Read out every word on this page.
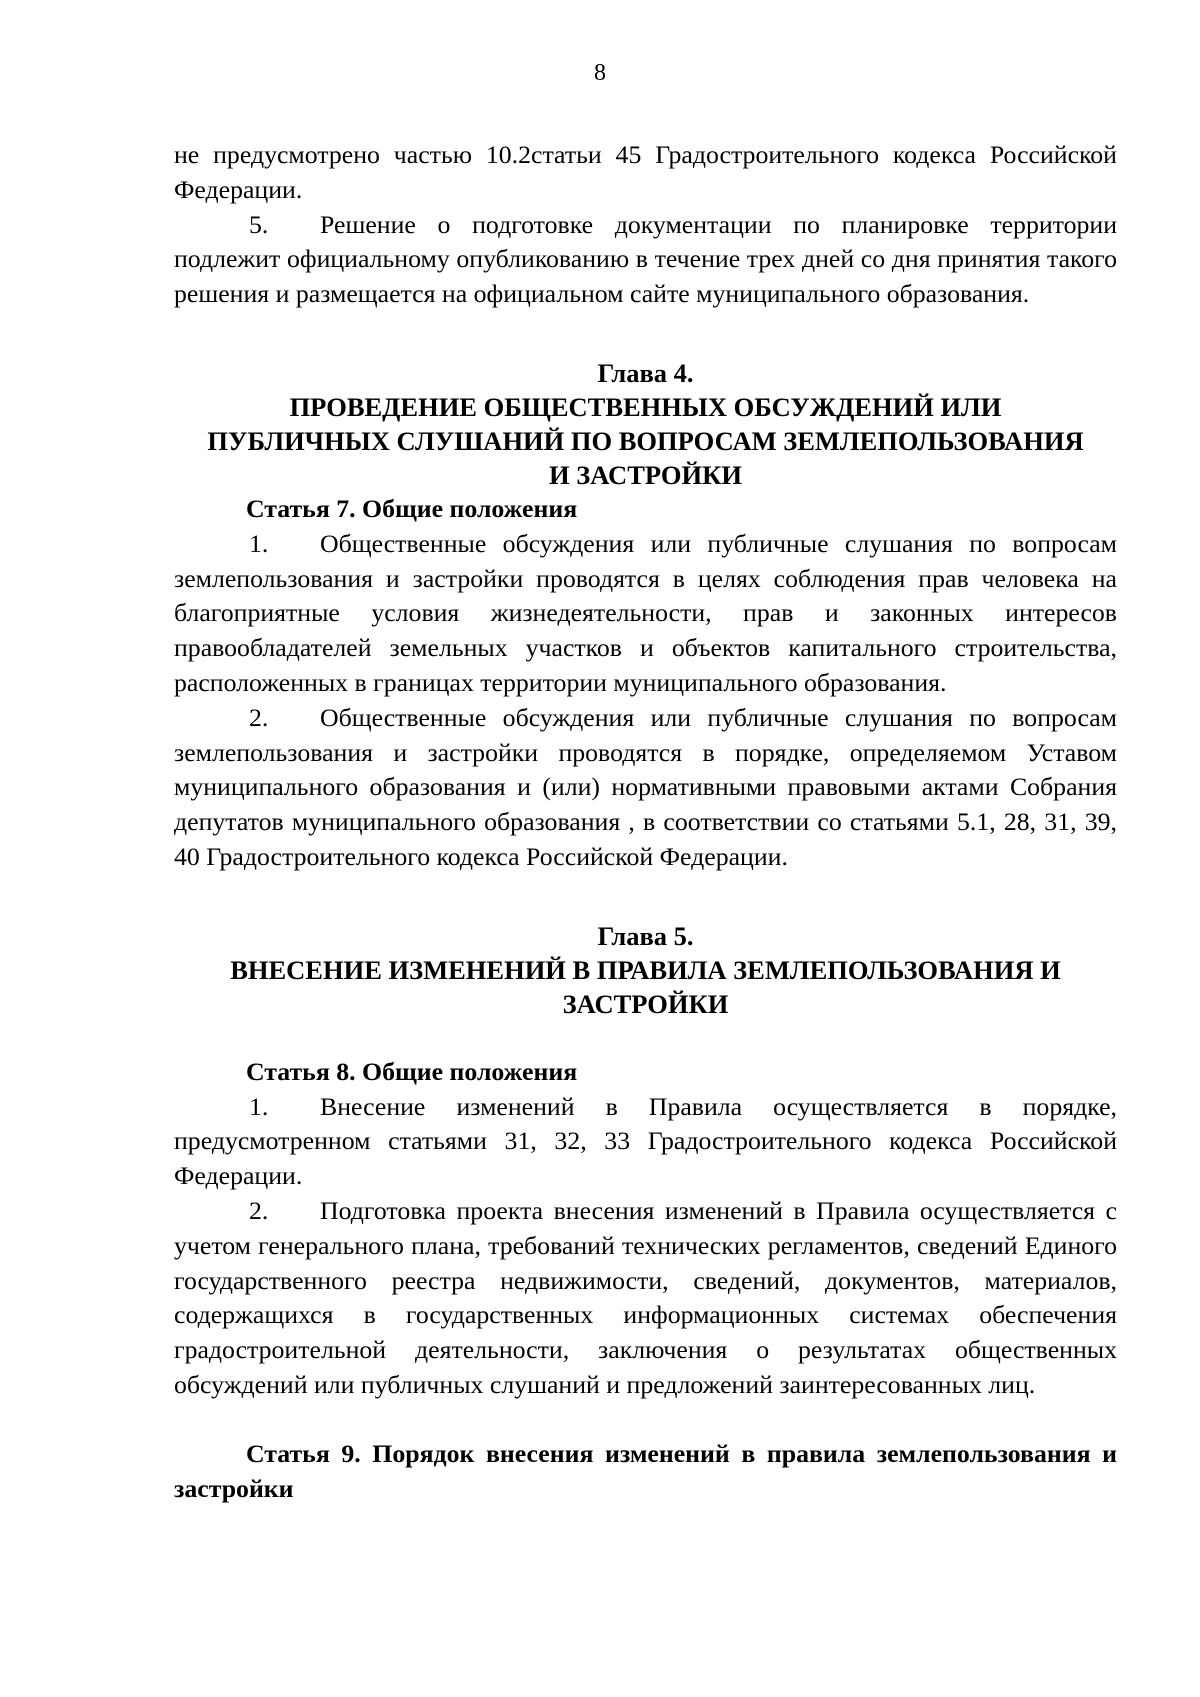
8

не предусмотрено частью 10.2статьи 45 Градостроительного кодекса Российской Федерации.

5. Решение о подготовке документации по планировке территории подлежит официальному опубликованию в течение трех дней со дня принятия такого решения и размещается на официальном сайте муниципального образования.

Глава 4.

ПРОВЕДЕНИЕ ОБЩЕСТВЕННЫХ ОБСУЖДЕНИЙ ИЛИ

ПУБЛИЧНЫХ СЛУШАНИЙ ПО ВОПРОСАМ ЗЕМЛЕПОЛЬЗОВАНИЯ

И ЗАСТРОЙКИ

Статья 7. Общие положения

1. Общественные обсуждения или публичные слушания по вопросам землепользования и застройки проводятся в целях соблюдения прав человека на благоприятные условия жизнедеятельности, прав и законных интересов правообладателей земельных участков и объектов капитального строительства, расположенных в границах территории муниципального образования.

2. Общественные обсуждения или публичные слушания по вопросам землепользования и застройки проводятся в порядке, определяемом Уставом муниципального образования и (или) нормативными правовыми актами Собрания депутатов муниципального образования , в соответствии со статьями 5.1, 28, 31, 39, 40 Градостроительного кодекса Российской Федерации.

Глава 5.

ВНЕСЕНИЕ ИЗМЕНЕНИЙ В ПРАВИЛА ЗЕМЛЕПОЛЬЗОВАНИЯ И

ЗАСТРОЙКИ

Статья 8. Общие положения

1. Внесение изменений в Правила осуществляется в порядке, предусмотренном статьями 31, 32, 33 Градостроительного кодекса Российской Федерации.

2. Подготовка проекта внесения изменений в Правила осуществляется с учетом генерального плана, требований технических регламентов, сведений Единого государственного реестра недвижимости, сведений, документов, материалов, содержащихся в государственных информационных системах обеспечения градостроительной деятельности, заключения о результатах общественных обсуждений или публичных слушаний и предложений заинтересованных лиц.

Статья 9. Порядок внесения изменений в правила землепользования и застройки
